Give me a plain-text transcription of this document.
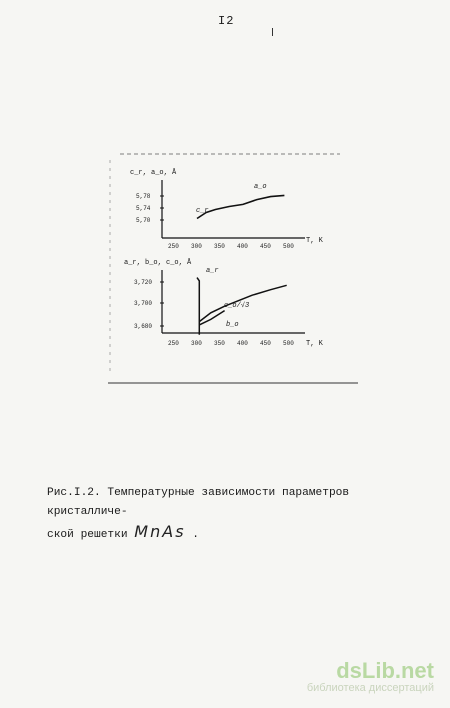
I2
c_r, a_o, Å
T, K
250 300 350 400 450 500
5,78
5,74
5,70
a_o
c_r
a_r, b_o, c_o, Å
T, K
250 300 350 400 450 500
3,720
3,700
3,680
a_r
c_o/√3
b_o
Рис.I.2. Температурные зависимости параметров кристалличе-
ской решетки MnAs .
dsLib.net
библиотека диссертаций
